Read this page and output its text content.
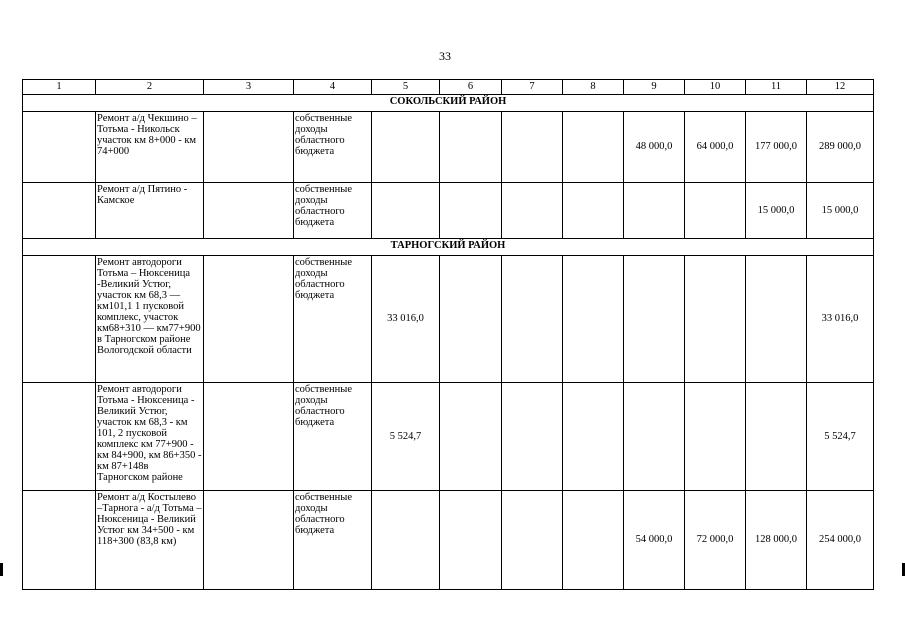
33
1	2	3	4	5	6	7	8	9	10	11	12
СОКОЛЬСКИЙ РАЙОН											
	Ремонт а/д Чекшино – Тотьма - Никольск участок км 8+000 - км 74+000		собственные доходы областного бюджета					48 000,0	64 000,0	177 000,0	289 000,0
	Ремонт а/д Пятино - Камское		собственные доходы областного бюджета							15 000,0	15 000,0
ТАРНОГСКИЙ РАЙОН											
	Ремонт автодороги Тотьма – Нюксеница -Великий Устюг, участок км 68,3 — км101,1 1 пусковой комплекс, участок км68+310 — км77+900 в Тарногском районе Вологодской области		собственные доходы областного бюджета	33 016,0							33 016,0
	Ремонт автодороги Тотьма - Нюксеница - Великий Устюг, участок км 68,3 - км 101, 2 пусковой комплекс км 77+900 - км 84+900, км 86+350 - км 87+148в Тарногском районе		собственные доходы областного бюджета	5 524,7							5 524,7
	Ремонт а/д Костылево –Тарнога - а/д Тотьма – Нюксеница - Великий Устюг км 34+500 - км 118+300 (83,8 км)		собственные доходы областного бюджета					54 000,0	72 000,0	128 000,0	254 000,0
